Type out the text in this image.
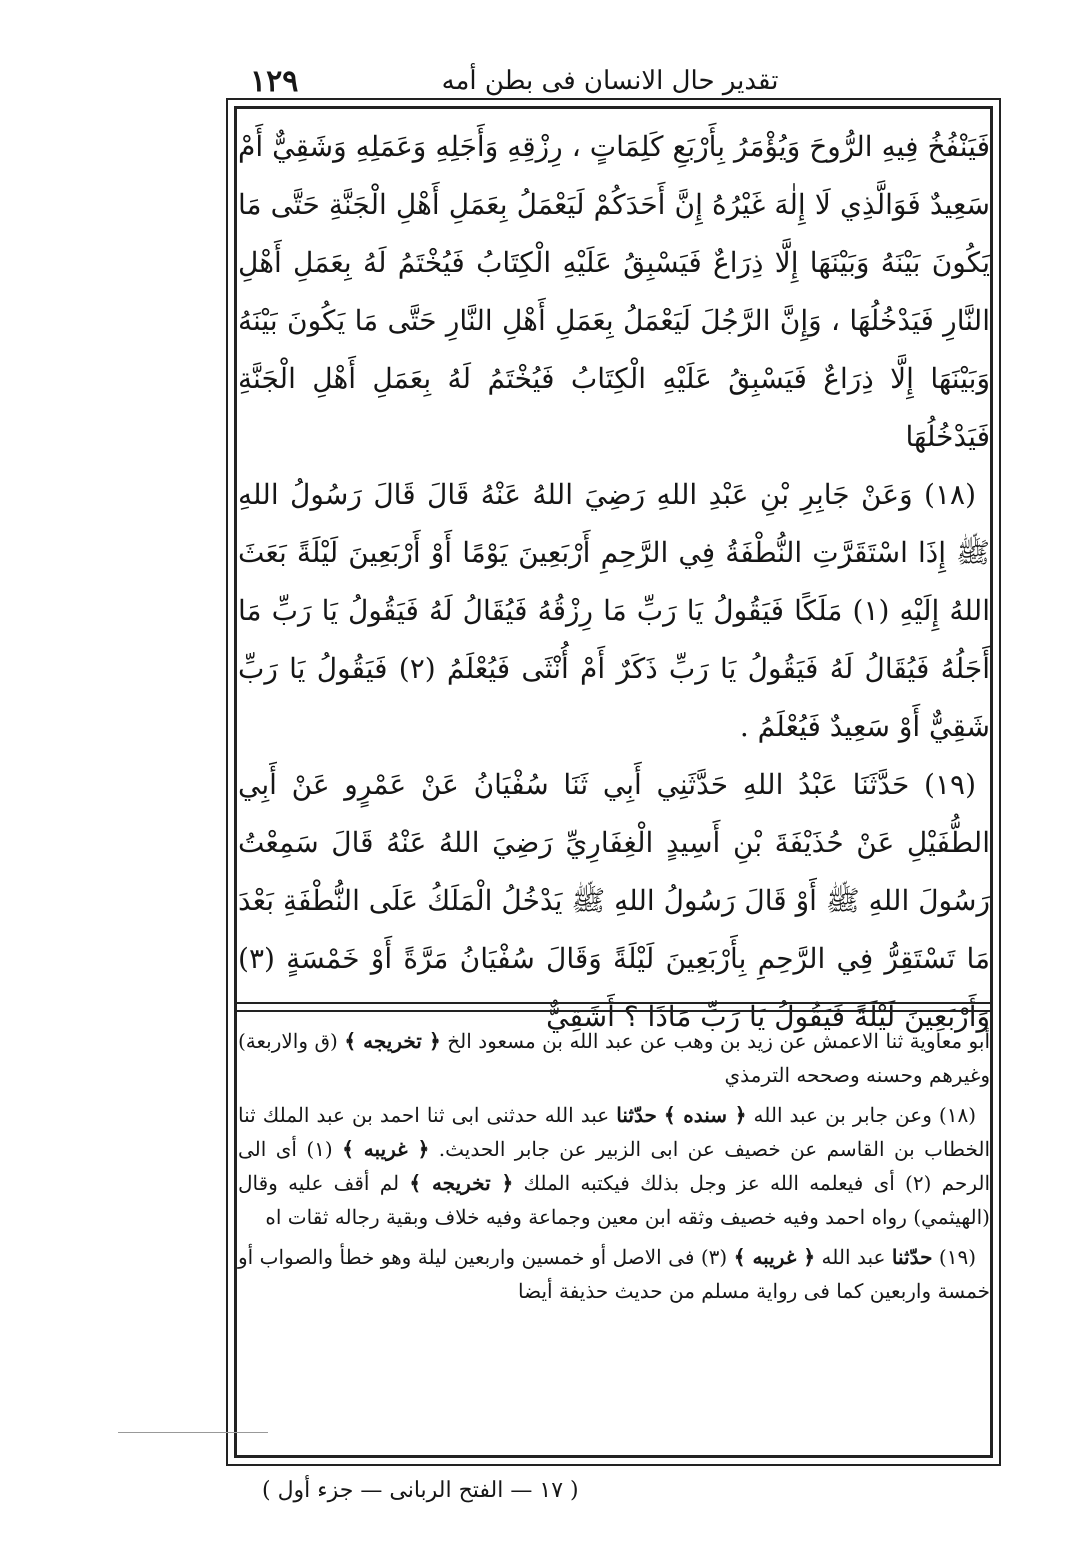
١٢٩	تقدير حال الانسان فى بطن أمه

فَيَنْفُخُ فِيهِ الرُّوحَ وَيُؤْمَرُ بِأَرْبَعِ كَلِمَاتٍ ، رِزْقِهِ وَأَجَلِهِ وَعَمَلِهِ وَشَقِيٌّ أَمْ سَعِيدٌ فَوَالَّذِي لَا إِلٰهَ غَيْرُهُ إِنَّ أَحَدَكُمْ لَيَعْمَلُ بِعَمَلِ أَهْلِ الْجَنَّةِ حَتَّى مَا يَكُونَ بَيْنَهُ وَبَيْنَهَا إِلَّا ذِرَاعٌ فَيَسْبِقُ عَلَيْهِ الْكِتَابُ فَيُخْتَمُ لَهُ بِعَمَلِ أَهْلِ النَّارِ فَيَدْخُلُهَا ، وَإِنَّ الرَّجُلَ لَيَعْمَلُ بِعَمَلِ أَهْلِ النَّارِ حَتَّى مَا يَكُونَ بَيْنَهُ وَبَيْنَهَا إِلَّا ذِرَاعٌ فَيَسْبِقُ عَلَيْهِ الْكِتَابُ فَيُخْتَمُ لَهُ بِعَمَلِ أَهْلِ الْجَنَّةِ فَيَدْخُلُهَا

(١٨) وَعَنْ جَابِرِ بْنِ عَبْدِ اللهِ رَضِيَ اللهُ عَنْهُ قَالَ قَالَ رَسُولُ اللهِ ﷺ إِذَا اسْتَقَرَّتِ النُّطْفَةُ فِي الرَّحِمِ أَرْبَعِينَ يَوْمًا أَوْ أَرْبَعِينَ لَيْلَةً بَعَثَ اللهُ إِلَيْهِ (١) مَلَكًا فَيَقُولُ يَا رَبِّ مَا رِزْقُهُ فَيُقَالُ لَهُ فَيَقُولُ يَا رَبِّ مَا أَجَلُهُ فَيُقَالُ لَهُ فَيَقُولُ يَا رَبِّ ذَكَرٌ أَمْ أُنْثَى فَيُعْلَمُ (٢) فَيَقُولُ يَا رَبِّ شَقِيٌّ أَوْ سَعِيدٌ فَيُعْلَمُ .

(١٩) حَدَّثَنَا عَبْدُ اللهِ حَدَّثَنِي أَبِي ثَنَا سُفْيَانُ عَنْ عَمْرٍو عَنْ أَبِي الطُّفَيْلِ عَنْ حُذَيْفَةَ بْنِ أَسِيدٍ الْغِفَارِيِّ رَضِيَ اللهُ عَنْهُ قَالَ سَمِعْتُ رَسُولَ اللهِ ﷺ أَوْ قَالَ رَسُولُ اللهِ ﷺ يَدْخُلُ الْمَلَكُ عَلَى النُّطْفَةِ بَعْدَ مَا تَسْتَقِرُّ فِي الرَّحِمِ بِأَرْبَعِينَ لَيْلَةً وَقَالَ سُفْيَانُ مَرَّةً أَوْ خَمْسَةٍ (٣) وَأَرْبَعِينَ لَيْلَةً فَيَقُولُ يَا رَبِّ مَاذَا ؟ أَشَقِيٌّ

أبو معاوية ثنا الاعمش عن زيد بن وهب عن عبد الله بن مسعود الخ ﴿ تخريجه ﴾ (ق والاربعة) وغيرهم وحسنه وصححه الترمذي

(١٨) وعن جابر بن عبد الله ﴿ سنده ﴾ حدّثنا عبد الله حدثنى ابى ثنا احمد بن عبد الملك ثنا الخطاب بن القاسم عن خصيف عن ابى الزبير عن جابر الحديث. ﴿ غريبه ﴾ (١) أى الى الرحم (٢) أى فيعلمه الله عز وجل بذلك فيكتبه الملك ﴿ تخريجه ﴾ لم أقف عليه وقال (الهيثمي) رواه احمد وفيه خصيف وثقه ابن معين وجماعة وفيه خلاف وبقية رجاله ثقات اه

(١٩) حدّثنا عبد الله ﴿ غريبه ﴾ (٣) فى الاصل أو خمسين واربعين ليلة وهو خطأ والصواب أو خمسة واربعين كما فى رواية مسلم من حديث حذيفة أيضا

( ١٧ — الفتح الربانى — جزء أول )
